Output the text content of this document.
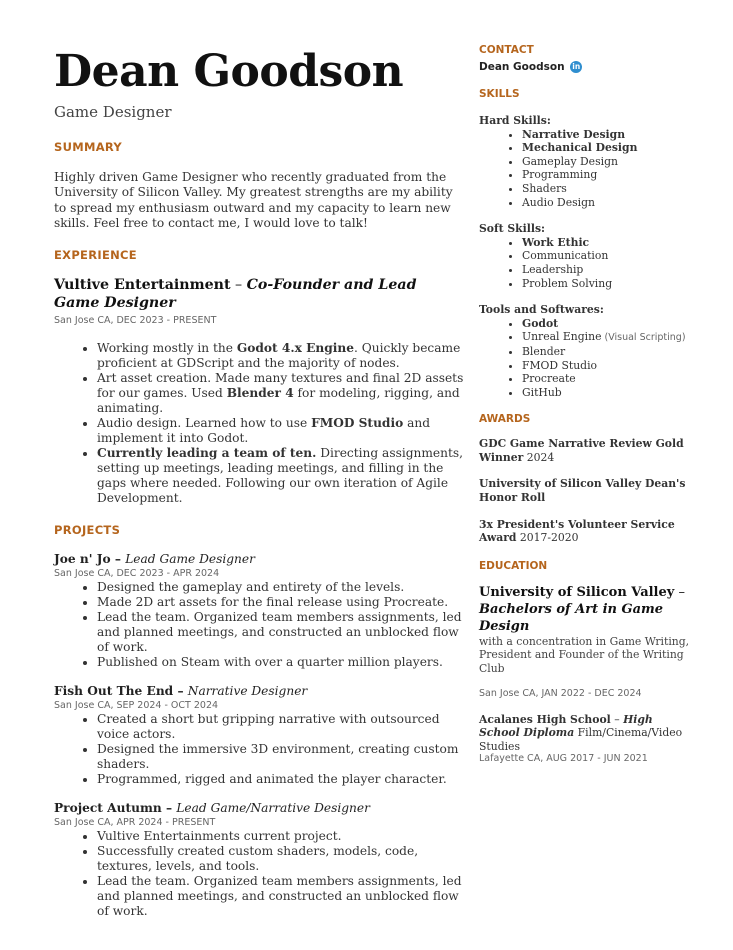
Dean Goodson
Game Designer
SUMMARY
Highly driven Game Designer who recently graduated from the University of Silicon Valley. My greatest strengths are my ability to spread my enthusiasm outward and my capacity to learn new skills. Feel free to contact me, I would love to talk!
EXPERIENCE
Vultive Entertainment – Co-Founder and Lead Game Designer
San Jose CA, DEC 2023 - PRESENT
• Working mostly in the Godot 4.x Engine. Quickly became proficient at GDScript and the majority of nodes.
• Art asset creation. Made many textures and final 2D assets for our games. Used Blender 4 for modeling, rigging, and animating.
• Audio design. Learned how to use FMOD Studio and implement it into Godot.
• Currently leading a team of ten. Directing assignments, setting up meetings, leading meetings, and filling in the gaps where needed. Following our own iteration of Agile Development.
PROJECTS
Joe n' Jo – Lead Game Designer
San Jose CA, DEC 2023 - APR 2024
• Designed the gameplay and entirety of the levels.
• Made 2D art assets for the final release using Procreate.
• Lead the team. Organized team members assignments, led and planned meetings, and constructed an unblocked flow of work.
• Published on Steam with over a quarter million players.
Fish Out The End – Narrative Designer
San Jose CA, SEP 2024 - OCT 2024
• Created a short but gripping narrative with outsourced voice actors.
• Designed the immersive 3D environment, creating custom shaders.
• Programmed, rigged and animated the player character.
Project Autumn – Lead Game/Narrative Designer
San Jose CA, APR 2024 - PRESENT
• Vultive Entertainments current project.
• Successfully created custom shaders, models, code, textures, levels, and tools.
• Lead the team. Organized team members assignments, led and planned meetings, and constructed an unblocked flow of work.
CONTACT
Dean Goodson in
SKILLS
Hard Skills:
• Narrative Design
• Mechanical Design
• Gameplay Design
• Programming
• Shaders
• Audio Design
Soft Skills:
• Work Ethic
• Communication
• Leadership
• Problem Solving
Tools and Softwares:
• Godot
• Unreal Engine (Visual Scripting)
• Blender
• FMOD Studio
• Procreate
• GitHub
AWARDS
GDC Game Narrative Review Gold Winner 2024
University of Silicon Valley Dean's Honor Roll
3x President's Volunteer Service Award 2017-2020
EDUCATION
University of Silicon Valley – Bachelors of Art in Game Design
with a concentration in Game Writing, President and Founder of the Writing Club
San Jose CA, JAN 2022 - DEC 2024
Acalanes High School – High School Diploma Film/Cinema/Video Studies
Lafayette CA, AUG 2017 - JUN 2021
